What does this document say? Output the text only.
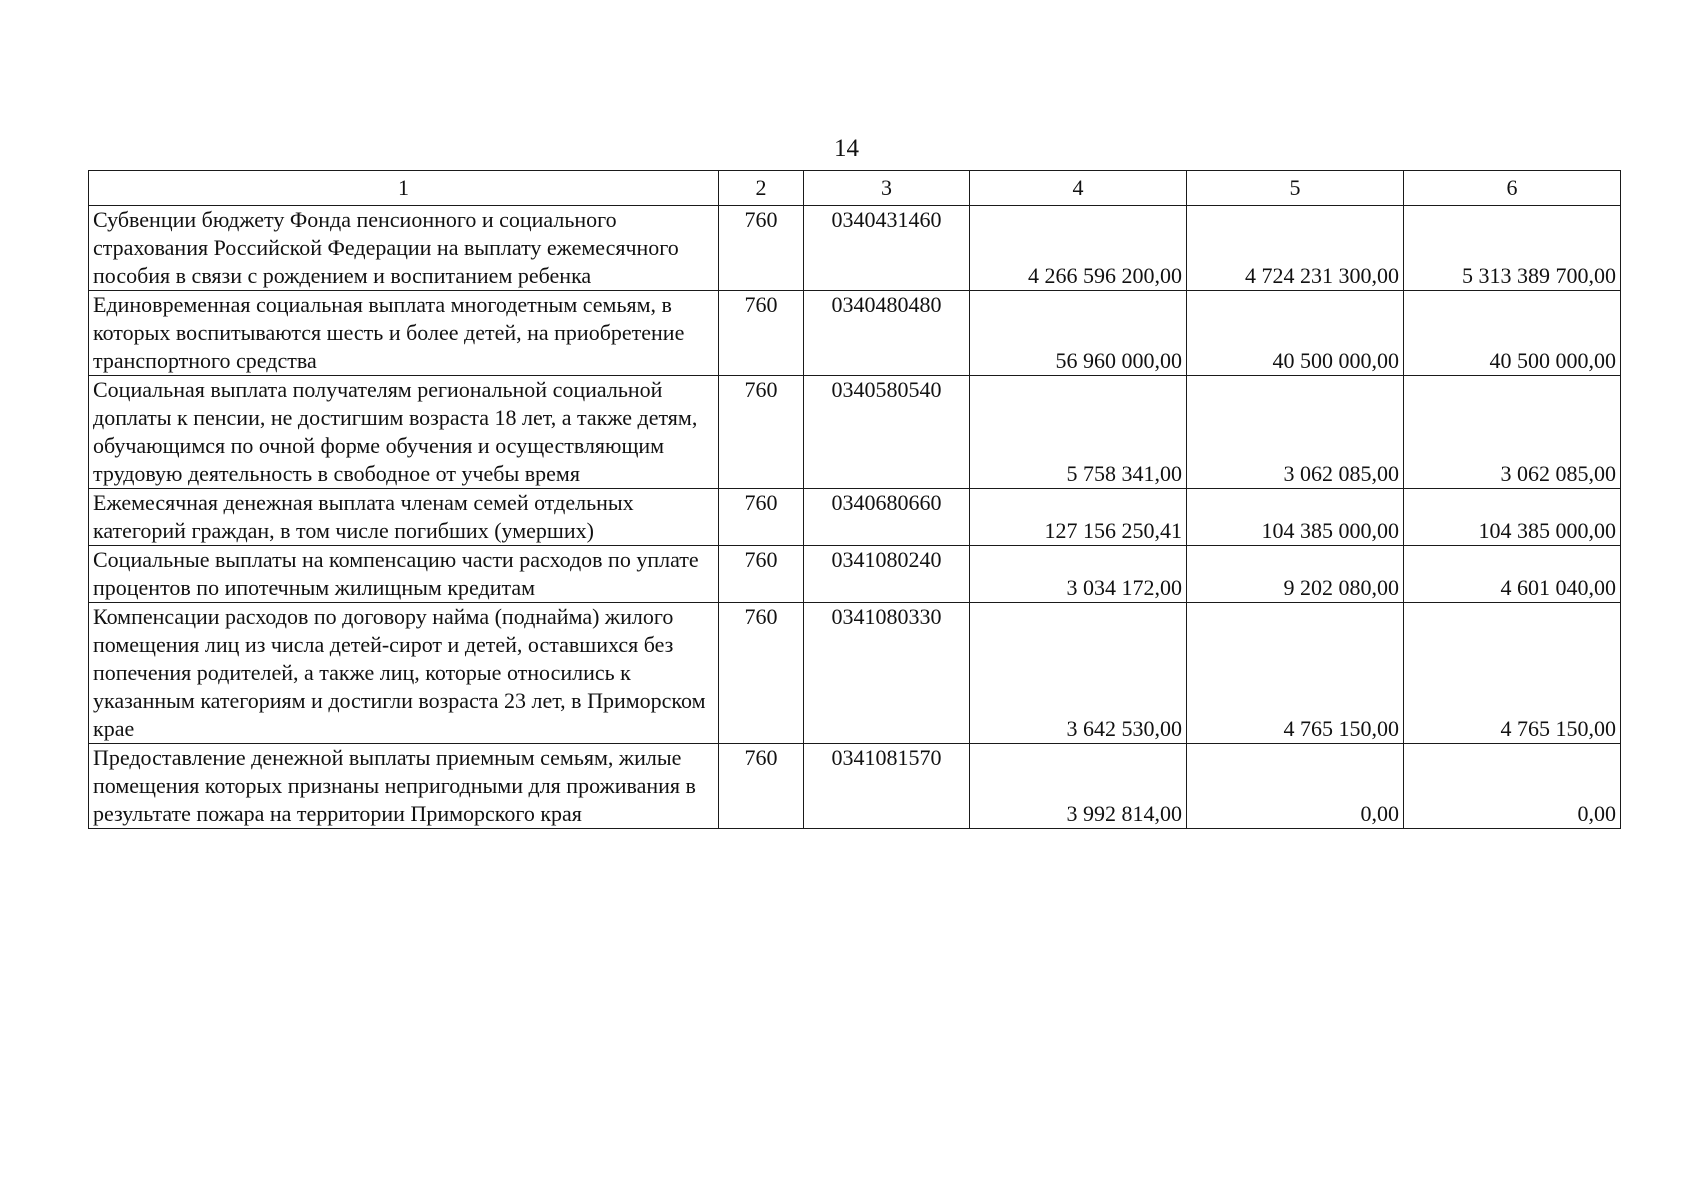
14
1	2	3	4	5	6
Субвенции бюджету Фонда пенсионного и социального страхования Российской Федерации на выплату ежемесячного пособия в связи с рождением и воспитанием ребенка	760	0340431460	4 266 596 200,00	4 724 231 300,00	5 313 389 700,00
Единовременная социальная выплата многодетным семьям, в которых воспитываются шесть и более детей, на приобретение транспортного средства	760	0340480480	56 960 000,00	40 500 000,00	40 500 000,00
Социальная выплата получателям региональной социальной доплаты к пенсии, не достигшим возраста 18 лет, а также детям, обучающимся по очной форме обучения и осуществляющим трудовую деятельность в свободное от учебы время	760	0340580540	5 758 341,00	3 062 085,00	3 062 085,00
Ежемесячная денежная выплата членам семей отдельных категорий граждан, в том числе погибших (умерших)	760	0340680660	127 156 250,41	104 385 000,00	104 385 000,00
Социальные выплаты на компенсацию части расходов по уплате процентов по ипотечным жилищным кредитам	760	0341080240	3 034 172,00	9 202 080,00	4 601 040,00
Компенсации расходов по договору найма (поднайма) жилого помещения лиц из числа детей-сирот и детей, оставшихся без попечения родителей, а также лиц, которые относились к указанным категориям и достигли возраста 23 лет, в Приморском крае	760	0341080330	3 642 530,00	4 765 150,00	4 765 150,00
Предоставление денежной выплаты приемным семьям, жилые помещения которых признаны непригодными для проживания в результате пожара на территории Приморского края	760	0341081570	3 992 814,00	0,00	0,00
